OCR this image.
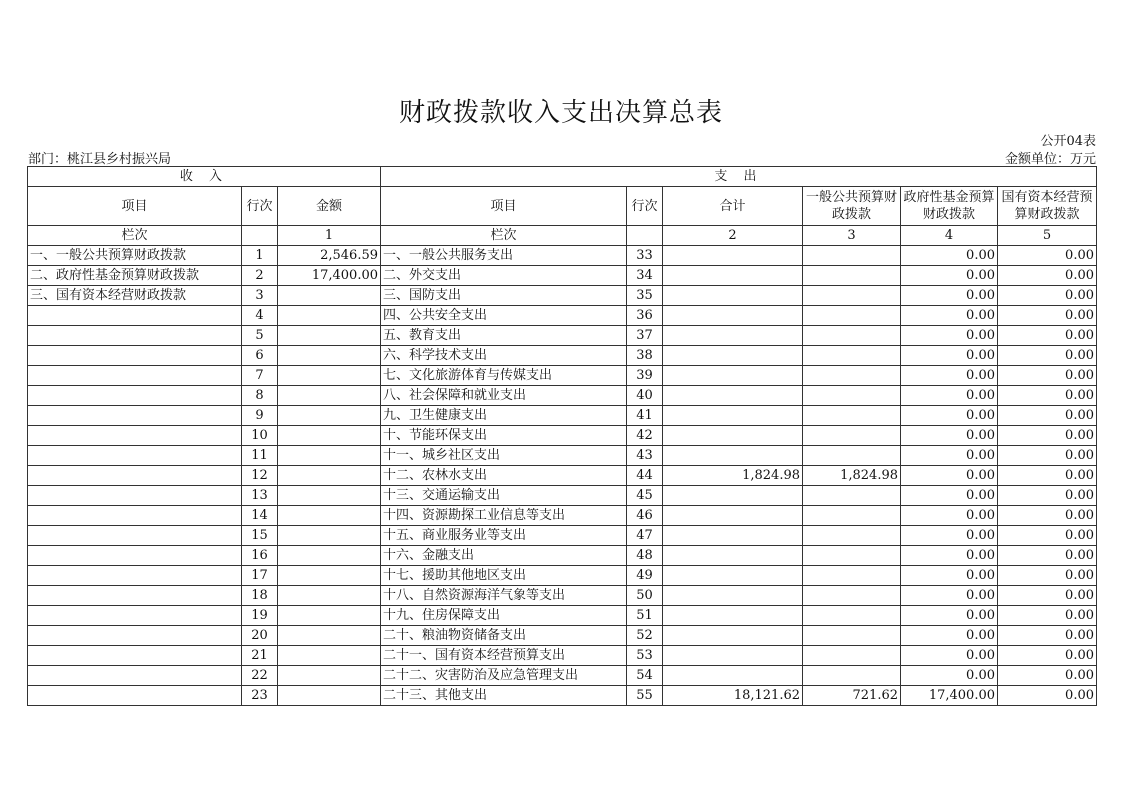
财政拨款收入支出决算总表
公开04表
部门：桃江县乡村振兴局	金额单位：万元
收 入			支 出					
项目	行次	金额	项目	行次	合计	一般公共预算财政拨款	政府性基金预算财政拨款	国有资本经营预算财政拨款
栏次		1	栏次		2	3	4	5
一、一般公共预算财政拨款	1	2,546.59	一、一般公共服务支出	33			0.00	0.00
二、政府性基金预算财政拨款	2	17,400.00	二、外交支出	34			0.00	0.00
三、国有资本经营财政拨款	3		三、国防支出	35			0.00	0.00
	4		四、公共安全支出	36			0.00	0.00
	5		五、教育支出	37			0.00	0.00
	6		六、科学技术支出	38			0.00	0.00
	7		七、文化旅游体育与传媒支出	39			0.00	0.00
	8		八、社会保障和就业支出	40			0.00	0.00
	9		九、卫生健康支出	41			0.00	0.00
	10		十、节能环保支出	42			0.00	0.00
	11		十一、城乡社区支出	43			0.00	0.00
	12		十二、农林水支出	44	1,824.98	1,824.98	0.00	0.00
	13		十三、交通运输支出	45			0.00	0.00
	14		十四、资源勘探工业信息等支出	46			0.00	0.00
	15		十五、商业服务业等支出	47			0.00	0.00
	16		十六、金融支出	48			0.00	0.00
	17		十七、援助其他地区支出	49			0.00	0.00
	18		十八、自然资源海洋气象等支出	50			0.00	0.00
	19		十九、住房保障支出	51			0.00	0.00
	20		二十、粮油物资储备支出	52			0.00	0.00
	21		二十一、国有资本经营预算支出	53			0.00	0.00
	22		二十二、灾害防治及应急管理支出	54			0.00	0.00
	23		二十三、其他支出	55	18,121.62	721.62	17,400.00	0.00
